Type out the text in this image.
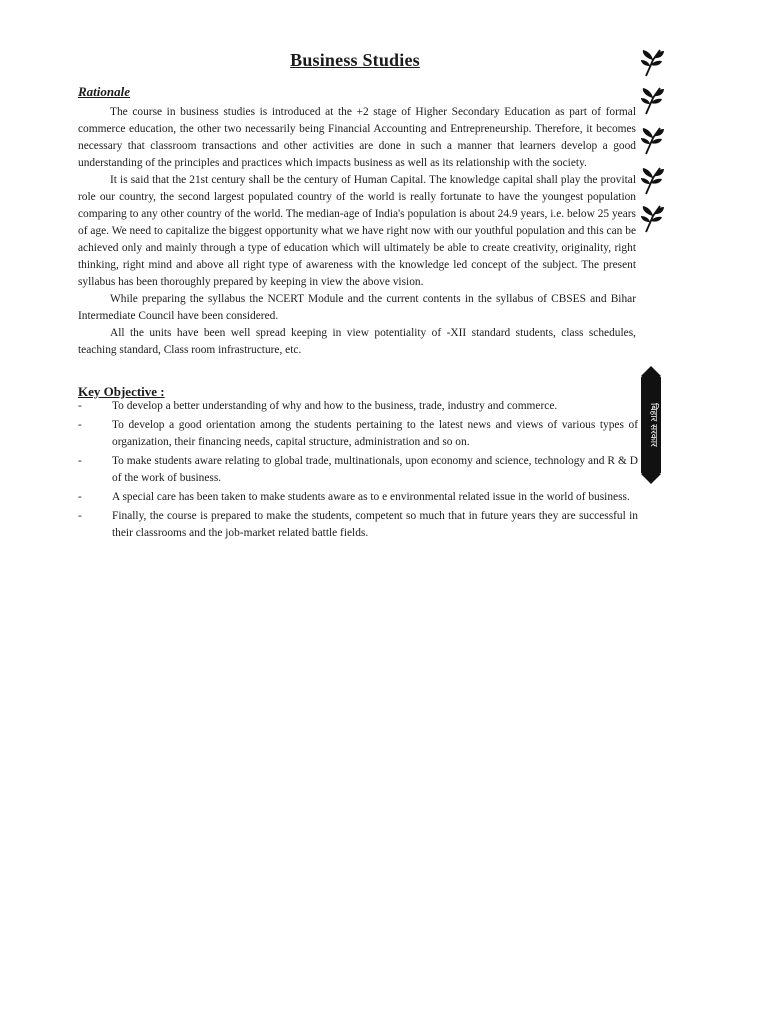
Business Studies
Rationale

The course in business studies is introduced at the +2 stage of Higher Secondary Education as part of formal commerce education, the other two necessarily being Financial Accounting and Entrepreneurship. Therefore, it becomes necessary that classroom transactions and other activities are done in such a manner that learners develop a good understanding of the principles and practices which impacts business as well as its relationship with the society.

It is said that the 21st century shall be the century of Human Capital. The knowledge capital shall play the provital role our country, the second largest populated country of the world is really fortunate to have the youngest population comparing to any other country of the world. The median-age of India's population is about 24.9 years, i.e. below 25 years of age. We need to capitalize the biggest opportunity what we have right now with our youthful population and this can be achieved only and mainly through a type of education which will ultimately be able to create creativity, originality, right thinking, right mind and above all right type of awareness with the knowledge led concept of the subject. The present syllabus has been thoroughly prepared by keeping in view the above vision.

While preparing the syllabus the NCERT Module and the current contents in the syllabus of CBSES and Bihar Intermediate Council have been considered.

All the units have been well spread keeping in view potentiality of -XII standard students, class schedules, teaching standard, Class room infrastructure, etc.

Key Objective :
बिहार सरकार
-	To develop a better understanding of why and how to the business, trade, industry and commerce.
-	To develop a good orientation among the students pertaining to the latest news and views of various types of organization, their financing needs, capital structure, administration and so on.
-	To make students aware relating to global trade, multinationals, upon economy and science, technology and R & D of the work of business.
-	A special care has been taken to make students aware as to e environmental related issue in the world of business.
-	Finally, the course is prepared to make the students, competent so much that in future years they are successful in their classrooms and the job-market related battle fields.
